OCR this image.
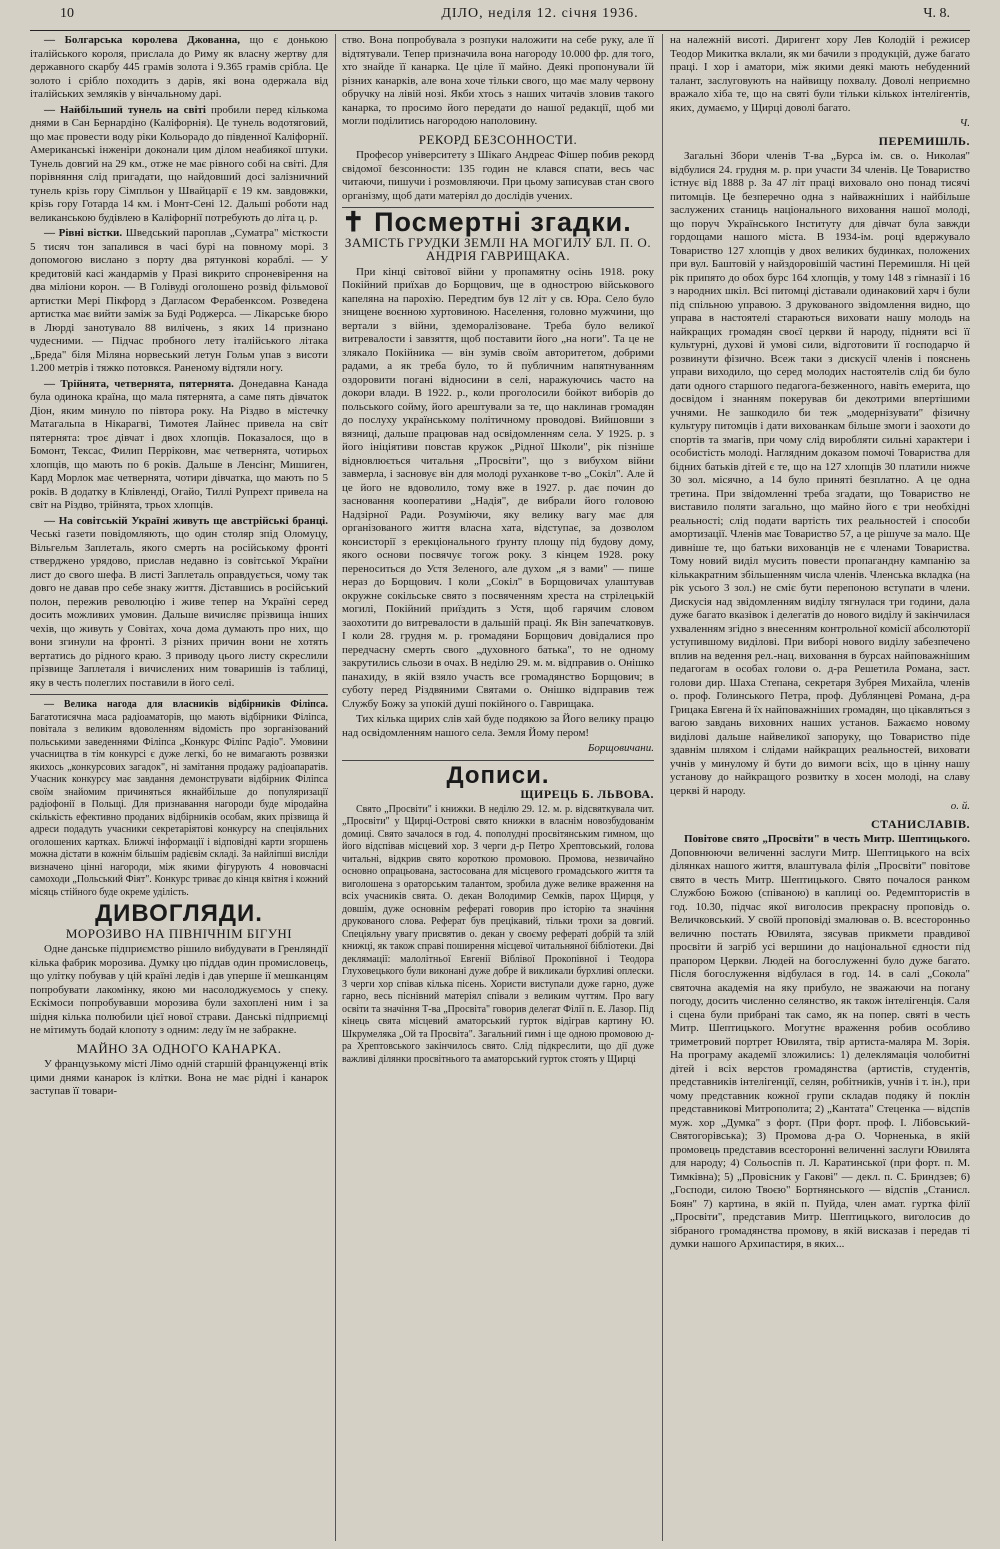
10	ДІЛО, неділя 12. січня 1936.	Ч. 8.

— Болгарська королева Джованна, що є донькою італійського короля, прислала до Риму як власну жертву для державного скарбу 445 грамів золота і 9.365 грамів срібла. Це золото і срібло походить з дарів, які вона одержала від італійських земляків у вінчальному дарі.

— Найбільший тунель на світі пробили перед кількома днями в Сан Бернардіно (Каліфорнія). Це тунель водотяговий, що має провести воду ріки Кольорадо до південної Каліфорнії. Американські інженіри доконали цим ділом неабиякої штуки. Тунель довгий на 29 км., отже не має рівного собі на світі. Для порівняння слід пригадати, що найдовший досі залізничний тунель крізь гору Сімпльон у Швайцарії є 19 км. завдовжки, крізь гору Готарда 14 км. і Монт-Сені 12. Дальші роботи над великанською будівлею в Каліфорнії потребують до літа ц. р.

— Рівні вістки. Шведський пароплав „Суматра" місткости 5 тисяч тон запалився в часі бурі на повному морі. З допомогою вислано з порту два рятункові кораблі. — У кредитовій касі жандармів у Празі викрито спроневірення на два міліони корон. — В Голівуді оголошено розвід фільмової артистки Мері Пікфорд з Дагласом Ферабенксом. Розведена артистка має вийти заміж за Буді Роджерса. — Лікарське бюро в Люрді занотувало 88 вилічень, з яких 14 признано чудесними. — Підчас пробного лету італійського літака „Бреда" біля Міляна норвеський летун Гольм упав з висоти 1.200 метрів і тяжко потовкся. Раненому відтяли ногу.

— Трійнята, четвернята, пятернята. Донедавна Канада була одинока країна, що мала пятернята, а саме пять дівчаток Діон, яким минуло по півтора року. На Різдво в містечку Матагальпа в Нікарагві, Тимотея Лайнес привела на світ пятернята: троє дівчат і двох хлопців. Показалося, що в Бомонт, Тексас, Филип Перріковн, має четвернята, чотирьох хлопців, що мають по 6 років. Дальше в Ленсінг, Мишиген, Кард Морлок має четвернята, чотири дівчатка, що мають по 5 років. В додатку в Клівленді, Огайо, Тиллі Рупрехт привела на світ на Різдво, трійнята, трьох хлопців.

— На совітській Україні живуть ще австрійські бранці. Чеські газети повідомляють, що один столяр зпід Оломуцу, Вільгельм Заплеталь, якого смерть на російському фронті стверджено урядово, прислав недавно із совітської України лист до свого шефа. В листі Заплеталь оправдується, чому так довго не давав про себе знаку життя. Діставшись в російський полон, пережив революцію і живе тепер на Україні серед досить можливих умовин. Дальше вичисляє прізвища інших чехів, що живуть у Совітах, хоча дома думають про них, що вони згинули на фронті. З різних причин вони не хотять вертатись до рідного краю. З приводу цього листу скреслили прізвище Заплеталя і вичислених ним товаришів із таблиці, яку в честь полеглих поставили в його селі.

— Велика нагода для власників відбірників Філіпса. Багатотисячна маса радіоаматорів, що мають відбірники Філіпса, повітала з великим вдоволенням відомість про зорганізований польськими заведеннями Філіпса „Конкурс Філіпс Радіо". Умовини учасництва в тім конкурсі є дуже легкі, бо не вимагають розвязки якихось „конкурсових загадок", ні замітання продажу радіоапаратів. Учасник конкурсу має завдання демонструвати відбірник Філіпса своїм знайомим причиняться якнайбільше до популяризації радіофонії в Польщі. Для признавання нагороди буде міродайна скількість ефективно проданих відбірників особам, яких прізвища й адреси подадуть учасники секретаріятові конкурсу на спеціяльних оголошених картках. Ближчі інформації і відповідні карти згоршень можна дістати в кожнім більшім радієвім складі. За найліпші висліди визначено цінні нагороди, між якими фігурують 4 нововчасні самоходи „Польський Фіят". Конкурс триває до кінця квітня і кожний місяць стійного буде окреме уділість.

ДИВОГЛЯДИ.
МОРОЗИВО НА ПІВНІЧНІМ БІГУНІ

Одне данське підприємство рішило вибудувати в Гренляндії кілька фабрик морозива. Думку цю піддав один промисловець, що улітку побував у цій країні ледів і дав уперше ії мешканцям попробувати лакомінку, якою ми насолоджуємось у спеку. Ескімоси попробувавши морозива були захоплені ним і за шідня кілька полюбили цієї нової страви. Данські підприємці не мітимуть бодай клопоту з одним: леду їм не забракне.

МАЙНО ЗА ОДНОГО КАНАРКА.

У французькому місті Лімо одній старшій француженці втік цими днями канарок із клітки. Вона не має рідні і канарок заступав її товари-

ство. Вона попробувала з розпуки наложити на себе руку, але її відтятували. Тепер призначила вона нагороду 10.000 фр. для того, хто знайде її канарка. Це ціле її майно. Деякі пропонували їй різних канарків, але вона хоче тільки свого, що має малу червону обручку на лівій нозі. Якби хтось з наших читачів зловив такого канарка, то просимо його передати до нашої редакції, щоб ми могли поділитись нагородою наполовину.

РЕКОРД БЕЗСОННОСТИ.

Професор університету з Шікаго Андреас Фішер побив рекорд свідомої безсонности: 135 годин не клався спати, весь час читаючи, пишучи і розмовляючи. При цьому записував стан свого організму, щоб дати матеріял до дослідів учених.

✝ Посмертні згадки.
ЗАМІСТЬ ГРУДКИ ЗЕМЛІ НА МОГИЛУ БЛ. П. О. АНДРІЯ ГАВРИЩАКА.

При кінці світової війни у пропамятну осінь 1918. року Покійний приїхав до Борщович, ще в однострою військового капеляна на парохію. Передтим був 12 літ у св. Юра. Село було знищене воєнною хуртовиною. Населення, головно мужчини, що вертали з війни, здеморалізоване. Треба було великої витревалости і завзяття, щоб поставити його „на ноги". Та це не злякало Покійника — він зумів своїм авторитетом, добрими радами, а як треба було, то й публичним напятнуванням оздоровити погані відносини в селі, наражуючись часто на докори влади. В 1922. р., коли проголосили бойкот виборів до польського сойму, його арештували за те, що наклинав громадян до послуху українському політичному проводові. Вийшовши з вязниці, дальше працював над освідомленням села. У 1925. р. з його ініціятиви повстав кружок „Рідної Школи", рік пізніше відновлюється читальня „Просвіти", що з вибухом війни завмерла, і засновує він для молоді руханкове т-во „Сокіл". Але й це його не вдоволило, тому вже в 1927. р. дає почин до засновання кооперативи „Надія", де вибрали його головою Надзірної Ради. Розуміючи, яку велику вагу має для організованого життя власна хата, відступає, за дозволом консисторії з ерекціонального ґрунту площу під будову дому, якого основи посвячує тогож року. З кінцем 1928. року переноситься до Устя Зеленого, але духом „я з вами" — пише нераз до Борщович. І коли „Сокіл" в Борщовичах улаштував окружне сокільське свято з посвяченням хреста на стрілецькій могилі, Покійний приїздить з Устя, щоб гарячим словом заохотити до витревалости в дальшій праці. Як Він запечатковув. І коли 28. грудня м. р. громадяни Борщович довідалися про передчасну смерть свого „духовного батька", то не одному закрутились сльози в очах. В неділю 29. м. м. відправив о. Онішко панахиду, в якій взяло участь все громадянство Борщович; в суботу перед Різдвяними Святами о. Онішко відправив теж Службу Божу за упокій душі покійного о. Гаврищака.

Тих кілька щирих слів хай буде подякою за Його велику працю над освідомленням нашого села. Земля Йому пером!

Борщовичани.
Дописи.
ЩИРЕЦЬ Б. ЛЬВОВА.

Свято „Просвіти" і книжки. В неділю 29. 12. м. р. відсвяткувала чит. „Просвіти" у Щирці-Острові свято книжки в власнім новозбудованім домиці. Свято зачалося в год. 4. пополудні просвітянським гимном, що його відспівав місцевий хор. З черги д-р Петро Хрептовський, голова читальні, відкрив свято короткою промовою. Промова, незвичайно основно опрацьована, застосована для місцевого громадського життя та виголошена з ораторським талантом, зробила дуже велике враження на всіх учасників свята. О. декан Володимир Семків, парох Щирця, у довшім, дуже основнім рефераті говорив про історію та значіння друкованого слова. Реферат був прецікавий, тільки трохи за довгий. Спеціяльну увагу присвятив о. декан у своєму рефераті добрій та злій книжці, як також справі поширення місцевої читальняної бібліотеки. Дві деклямації: малолітньої Евгенії Віблівої Прокопівної і Теодора Глуховецького були виконані дуже добре й викликали бурхливі оплески. З черги хор співав кілька пісень. Хористи виступали дуже гарно, дуже гарно, весь піснівний матеріял співали з великим чуттям. Про вагу освіти та значіння Т-ва „Просвіта" говорив делегат Філії п. Е. Лазор. Під кінець свята місцевий аматорський гурток відіграв картину Ю. Шкрумеляка „Ой та Просвіта". Загальний гимн і ще одною промовою д-ра Хрептовського закінчилось свято. Слід підкреслити, що дії дуже важливі ділянки просвітнього та аматорський гурток стоять у Щирці

на належній висоті. Диригент хору Лев Колодій і режисер Теодор Микитка вклали, як ми бачили з продукцій, дуже багато праці. І хор і аматори, між якими деякі мають небуденний талант, заслуговують на найвищу похвалу. Доволі неприємно вражало хіба те, що на святі були тільки кількох інтелігентів, яких, думаємо, у Щирці доволі багато.

Ч.
ПЕРЕМИШЛЬ.

Загальні Збори членів Т-ва „Бурса ім. св. о. Николая" відбулися 24. грудня м. р. при участи 34 членів. Це Товариство істнує від 1888 р. За 47 літ праці виховало оно понад тисячі питомців. Це безперечно одна з найважніших і найбільше заслужених станиць національного виховання нашої молоді, що поруч Українського Інституту для дівчат була завжди гордощами нашого міста. В 1934-ім. році вдержувало Товариство 127 хлопців у двох великих будинках, положених при вул. Баштовій у найздоровішій частині Перемишля. Ні цей рік припято до обох бурс 164 хлопців, у тому 148 з гімназії і 16 з народних шкіл. Всі питомці діставали одинаковий харч і були під спільною управою. З друкованого звідомлення видно, що управа в настоятелі стараються виховати нашу молодь на найкращих громадян своєї церкви й народу, підняти всі її культурні, духові й умові сили, відготовити її господарчо й розвинути фізично. Всеж таки з дискусії членів і пояснень управи виходило, що серед молодих настоятелів слід би було дати одного старшого педагога-безженного, навіть емерита, що досвідом і знанням покерував би декотрими впертішими учнями. Не зашкодило би теж „модернізувати" фізичну культуру питомців і дати вихованкам більше змоги і заохоти до спортів та змагів, при чому слід виробляти сильні характери і особистість молоді. Наглядним доказом помочі Товариства для бідних батьків дітей є те, що на 127 хлопців 30 платили нижче 30 зол. місячно, а 14 було приняті безплатно. А це одна третина. При звідомленні треба згадати, що Товариство не виставило поляти загально, що майно його є три необхідні реальності; слід подати вартість тих реальностей і способи амортизації. Членів має Товариство 57, а це рішуче за мало. Ще дивніше те, що батьки вихованців не є членами Товариства. Тому новий виділ мусить повести пропагандну кампанію за кількакратним збільшенням числа членів. Членська вкладка (на рік усього 3 зол.) не сміє бути перепоною вступати в члени. Дискусія над звідомленням виділу тягнулася три години, дала дуже багато вказівок і делегатів до нового виділу й закінчилася ухваленням згідно з внесенням контрольної комісії абсолюторії уступившому виділові. При виборі нового виділу забезпечено вплив на ведення рел.-нац. виховання в бурсах найповажнішим педагогам в особах голови о. д-ра Решетила Романа, заст. голови дир. Шаха Степана, секретаря Зубрея Михайла, членів о. проф. Голинського Петра, проф. Дублянцеві Романа, д-ра Грицака Евгена й їх найповажніших громадян, що цікавляться з вагою завдань виховних наших установ. Бажаємо новому виділові дальше найвеликої запоруку, що Товариство піде здавнім шляхом і слідами найкращих реальностей, виховати учнів у минулому й бути до вимоги всіх, що в цінну нашу установу до найкращого розвитку в хосен молоді, на славу церкві й народу.

о. й.
СТАНИСЛАВІВ.

Повітове свято „Просвіти" в честь Митр. Шептицького. Доповнюючи величенні заслуги Митр. Шептицького на всіх ділянках нашого життя, влаштувала філія „Просвіти" повітове свято в честь Митр. Шептицького. Свято почалося ранком Службою Божою (співаною) в каплиці оо. Редемптористів в год. 10.30, підчас якої виголосив прекрасну проповідь о. Величковський. У своїй проповіді змалював о. В. всесторонньо величню постать Ювилята, зясував прикмети правдивої просвіти й загріб усі вершини до національної єдности під прапором Церкви. Людей на богослуженні було дуже багато. Після богослуження відбулася в год. 14. в салі „Сокола" святочна академія на яку прибуло, не зважаючи на погану погоду, досить численно селянство, як також інтелігенція. Саля і сцена були прибрані так само, як на попер. святі в честь Митр. Шептицького. Могутнє враження робив особливо триметровий портрет Ювилята, твір артиста-маляра М. Зорія. На програму академії зложились: 1) делеклямація чолобитні дітей і всіх верстов громадянства (артистів, студентів, представників інтелігенції, селян, робітників, учнів і т. ін.), при чому представник кожної групи складав подяку й поклін представникові Митрополита; 2) „Кантата" Стеценка — відспів муж. хор „Думка" з форт. (При форт. проф. І. Лібовський-Святогорівська); 3) Промова д-ра О. Чорненька, в якій промовець представив всесторонні величенні заслуги Ювилята для народу; 4) Сольоспів п. Л. Каратинської (при форт. п. М. Тимківна); 5) „Провісник у Гакові" — декл. п. С. Бриндзев; 6) „Господи, силою Твоєю" Бортнянського — відспів „Станисл. Боян" 7) картина, в якій п. Пуйда, член амат. гуртка філії „Просвіти", представив Митр. Шептицького, виголосив до зібраного громадянства промову, в якій висказав і передав ті думки нашого Архипастиря, в яких...
